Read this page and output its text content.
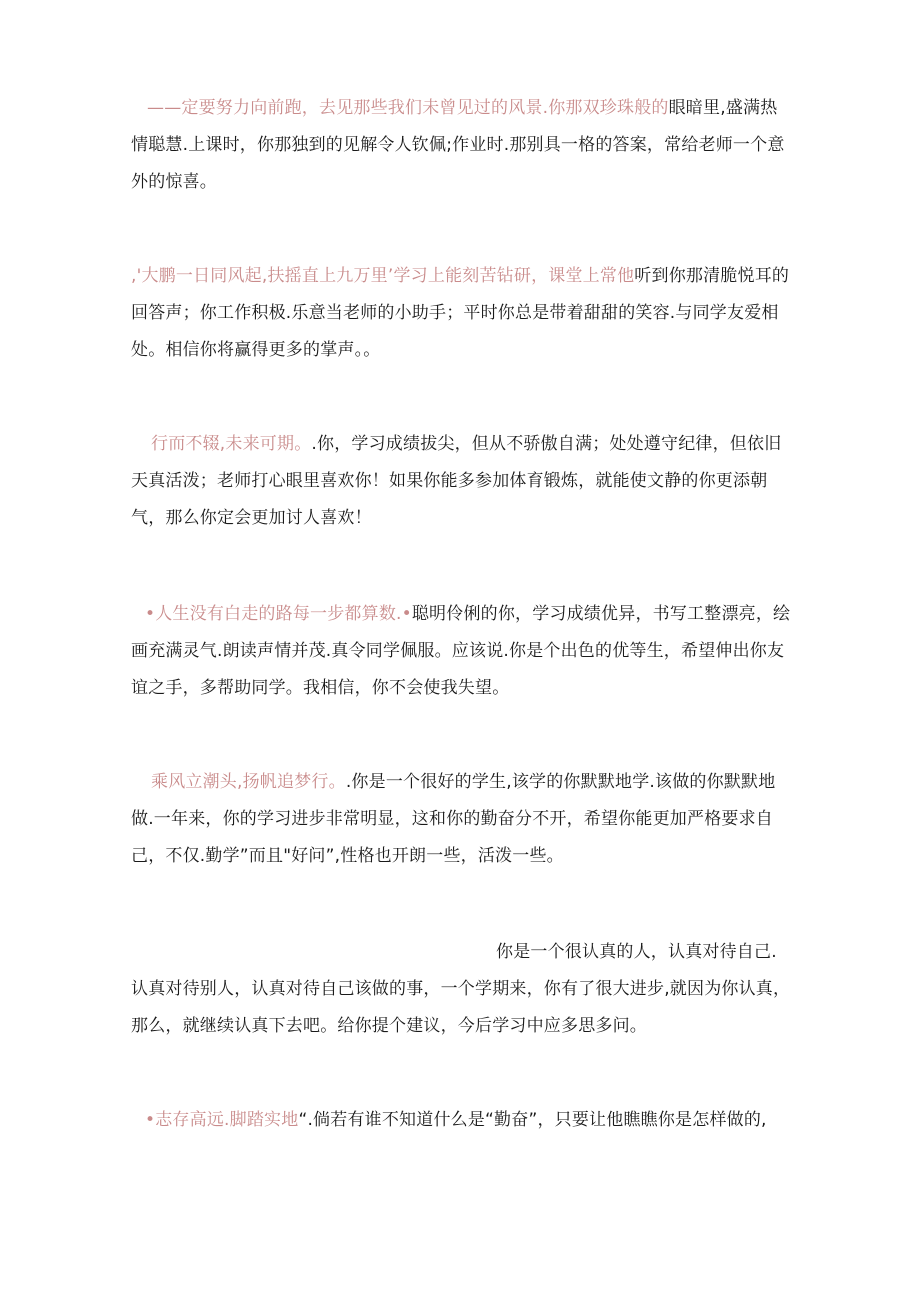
——定要努力向前跑，去见那些我们未曾见过的风景.你那双珍珠般的眼暗里,盛满热情聪慧.上课时，你那独到的见解令人钦佩;作业时.那别具一格的答案，常给老师一个意外的惊喜。
,'大鹏一日同风起,扶摇直上九万里’学习上能刻苦钻研，课堂上常他听到你那清脆悦耳的回答声；你工作积极.乐意当老师的小助手；平时你总是带着甜甜的笑容.与同学友爱相处。相信你将赢得更多的掌声。。
行而不辍,未来可期。.你，学习成绩拔尖，但从不骄傲自满；处处遵守纪律，但依旧天真活泼；老师打心眼里喜欢你！如果你能多参加体育锻炼，就能使文静的你更添朝气，那么你定会更加讨人喜欢！
•人生没有白走的路每一步都算数.•聪明伶俐的你，学习成绩优异，书写工整漂亮，绘画充满灵气.朗读声情并茂.真令同学佩服。应该说.你是个出色的优等生，希望伸出你友谊之手，多帮助同学。我相信，你不会使我失望。
乘风立潮头,扬帆追梦行。.你是一个很好的学生,该学的你默默地学.该做的你默默地做.一年来，你的学习进步非常明显，这和你的勤奋分不开，希望你能更加严格要求自己，不仅.勤学”而且"好问”,性格也开朗一些，活泼一些。
你是一个很认真的人，认真对待自己.认真对待别人，认真对待自己该做的事，一个学期来，你有了很大进步,就因为你认真，那么，就继续认真下去吧。给你提个建议，今后学习中应多思多问。
•志存高远.脚踏实地“.倘若有谁不知道什么是“勤奋”，只要让他瞧瞧你是怎样做的,
